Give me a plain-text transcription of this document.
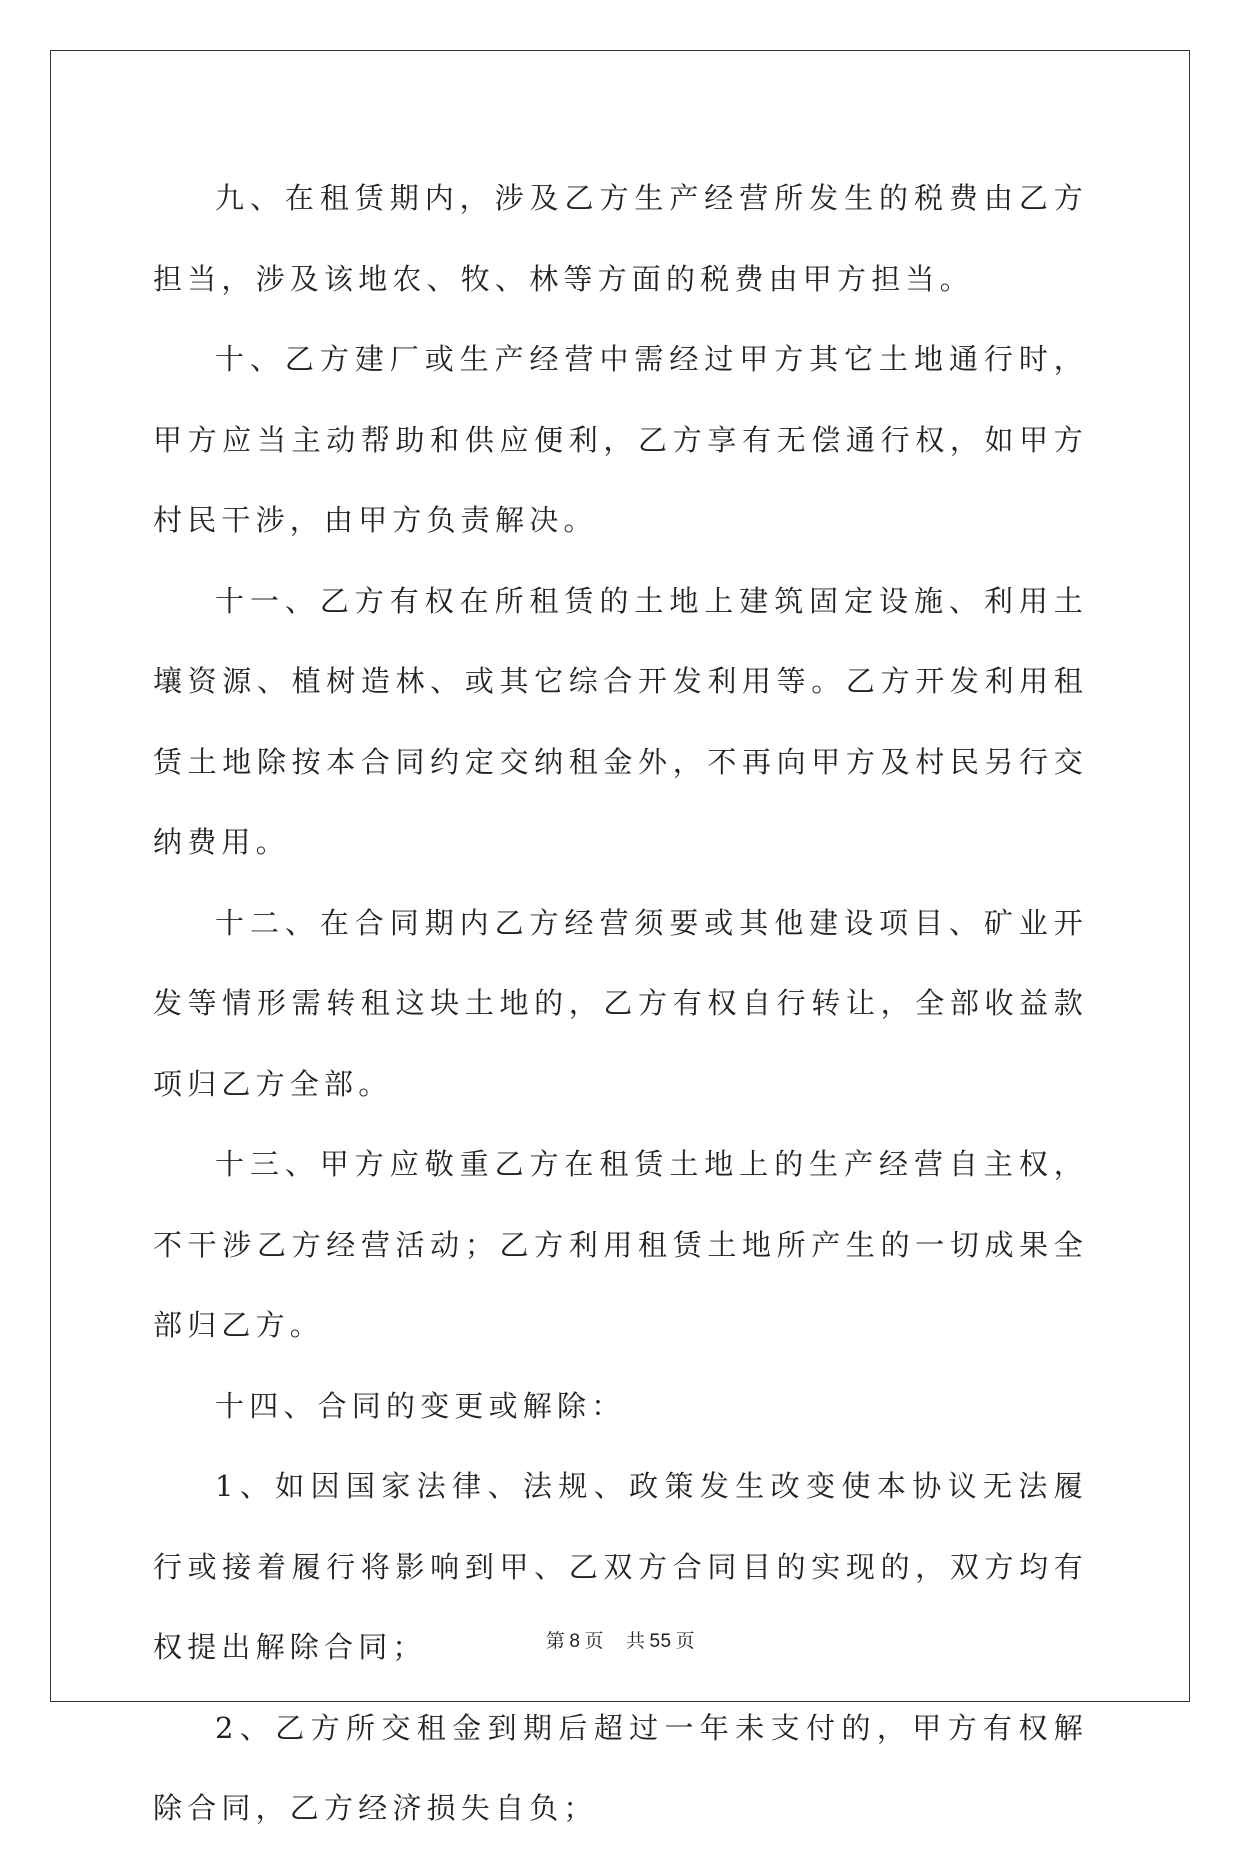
九、在租赁期内，涉及乙方生产经营所发生的税费由乙方担当，涉及该地农、牧、林等方面的税费由甲方担当。

十、乙方建厂或生产经营中需经过甲方其它土地通行时，甲方应当主动帮助和供应便利，乙方享有无偿通行权，如甲方村民干涉，由甲方负责解决。

十一、乙方有权在所租赁的土地上建筑固定设施、利用土壤资源、植树造林、或其它综合开发利用等。乙方开发利用租赁土地除按本合同约定交纳租金外，不再向甲方及村民另行交纳费用。

十二、在合同期内乙方经营须要或其他建设项目、矿业开发等情形需转租这块土地的，乙方有权自行转让，全部收益款项归乙方全部。

十三、甲方应敬重乙方在租赁土地上的生产经营自主权，不干涉乙方经营活动；乙方利用租赁土地所产生的一切成果全部归乙方。

十四、合同的变更或解除：

1、如因国家法律、法规、政策发生改变使本协议无法履行或接着履行将影响到甲、乙双方合同目的实现的，双方均有权提出解除合同；

2、乙方所交租金到期后超过一年未支付的，甲方有权解除合同，乙方经济损失自负；

第 8 页 共 55 页
